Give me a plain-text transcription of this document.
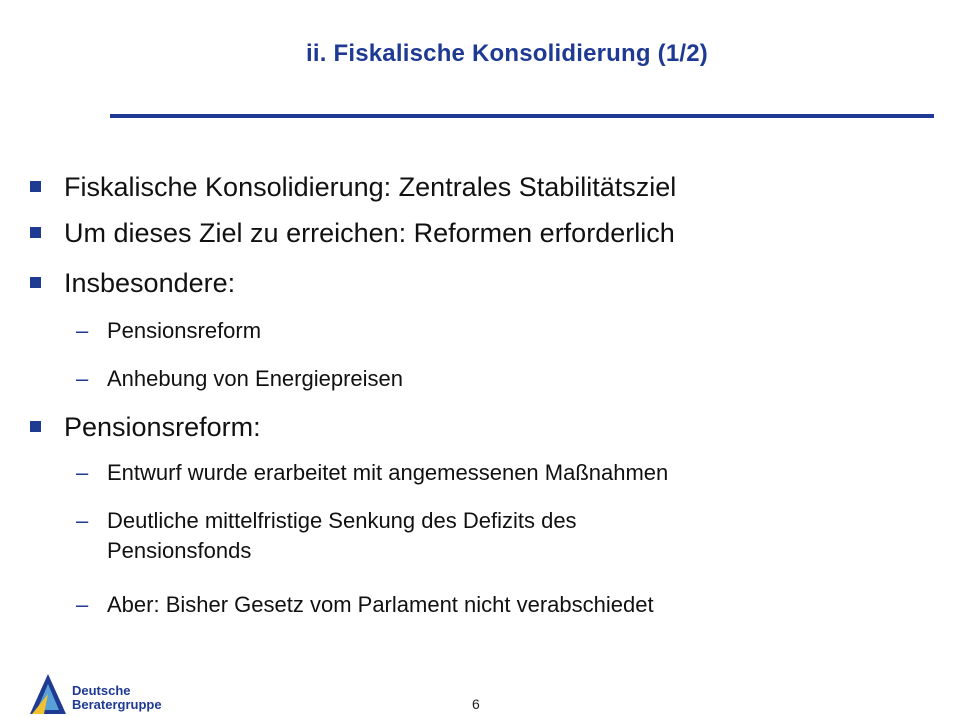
ii. Fiskalische Konsolidierung (1/2)
Fiskalische Konsolidierung: Zentrales Stabilitätsziel
Um dieses Ziel zu erreichen: Reformen erforderlich
Insbesondere:
– Pensionsreform
– Anhebung von Energiepreisen
Pensionsreform:
– Entwurf wurde erarbeitet mit angemessenen Maßnahmen
– Deutliche mittelfristige Senkung des Defizits des
Pensionsfonds
– Aber: Bisher Gesetz vom Parlament nicht verabschiedet
Deutsche
Beratergruppe	6
